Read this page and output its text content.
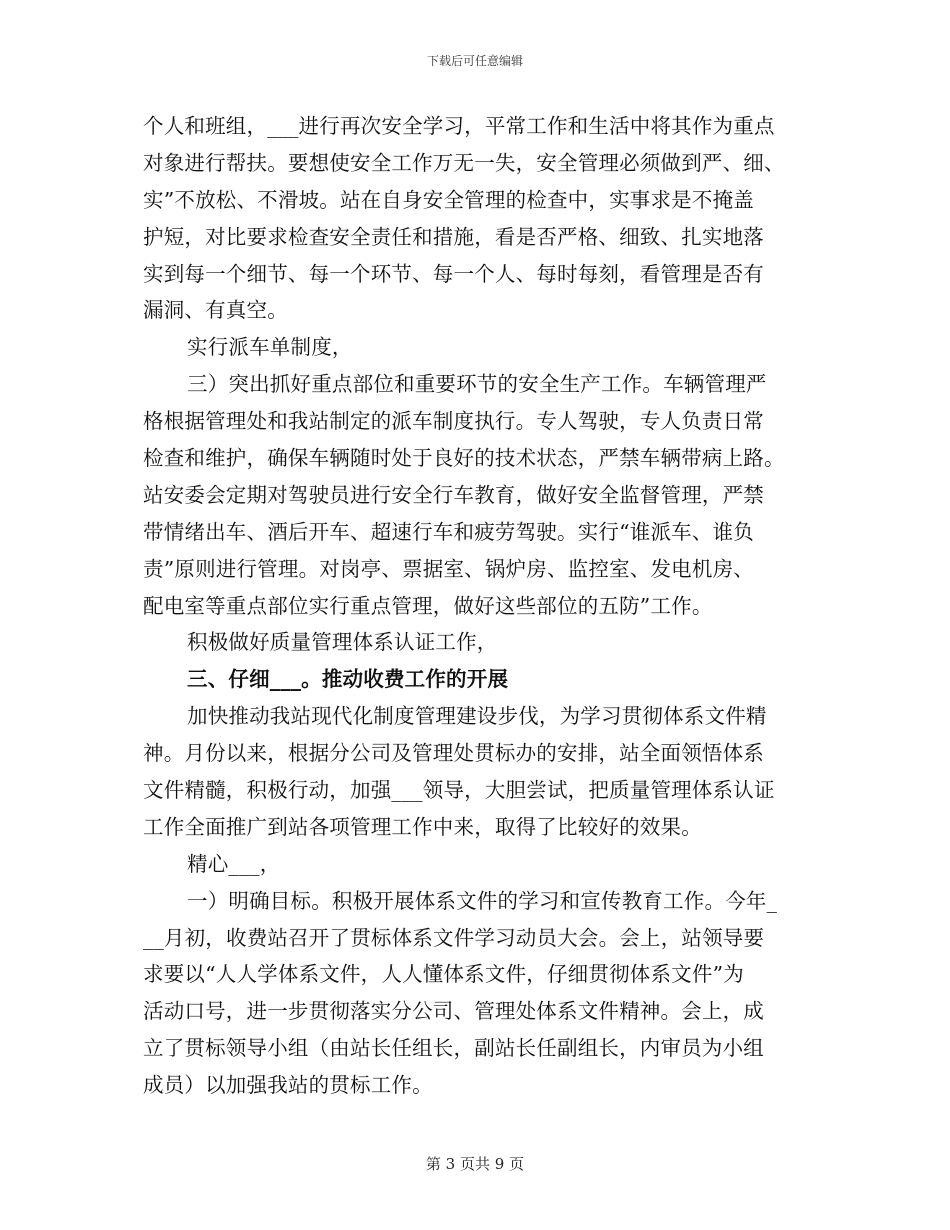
下载后可任意编辑
个人和班组，___进行再次安全学习，平常工作和生活中将其作为重点
对象进行帮扶。要想使安全工作万无一失，安全管理必须做到严、细、
实”不放松、不滑坡。站在自身安全管理的检查中，实事求是不掩盖
护短，对比要求检查安全责任和措施，看是否严格、细致、扎实地落
实到每一个细节、每一个环节、每一个人、每时每刻，看管理是否有
漏洞、有真空。
实行派车单制度，
三）突出抓好重点部位和重要环节的安全生产工作。车辆管理严
格根据管理处和我站制定的派车制度执行。专人驾驶，专人负责日常
检查和维护，确保车辆随时处于良好的技术状态，严禁车辆带病上路。
站安委会定期对驾驶员进行安全行车教育，做好安全监督管理，严禁
带情绪出车、酒后开车、超速行车和疲劳驾驶。实行“谁派车、谁负
责”原则进行管理。对岗亭、票据室、锅炉房、监控室、发电机房、
配电室等重点部位实行重点管理，做好这些部位的五防”工作。
积极做好质量管理体系认证工作，
三、仔细___。推动收费工作的开展
加快推动我站现代化制度管理建设步伐，为学习贯彻体系文件精
神。月份以来，根据分公司及管理处贯标办的安排，站全面领悟体系
文件精髓，积极行动，加强___领导，大胆尝试，把质量管理体系认证
工作全面推广到站各项管理工作中来，取得了比较好的效果。
精心___，
一）明确目标。积极开展体系文件的学习和宣传教育工作。今年_
__月初，收费站召开了贯标体系文件学习动员大会。会上，站领导要
求要以“人人学体系文件，人人懂体系文件，仔细贯彻体系文件”为
活动口号，进一步贯彻落实分公司、管理处体系文件精神。会上，成
立了贯标领导小组（由站长任组长，副站长任副组长，内审员为小组
成员）以加强我站的贯标工作。
第 3 页共 9 页
